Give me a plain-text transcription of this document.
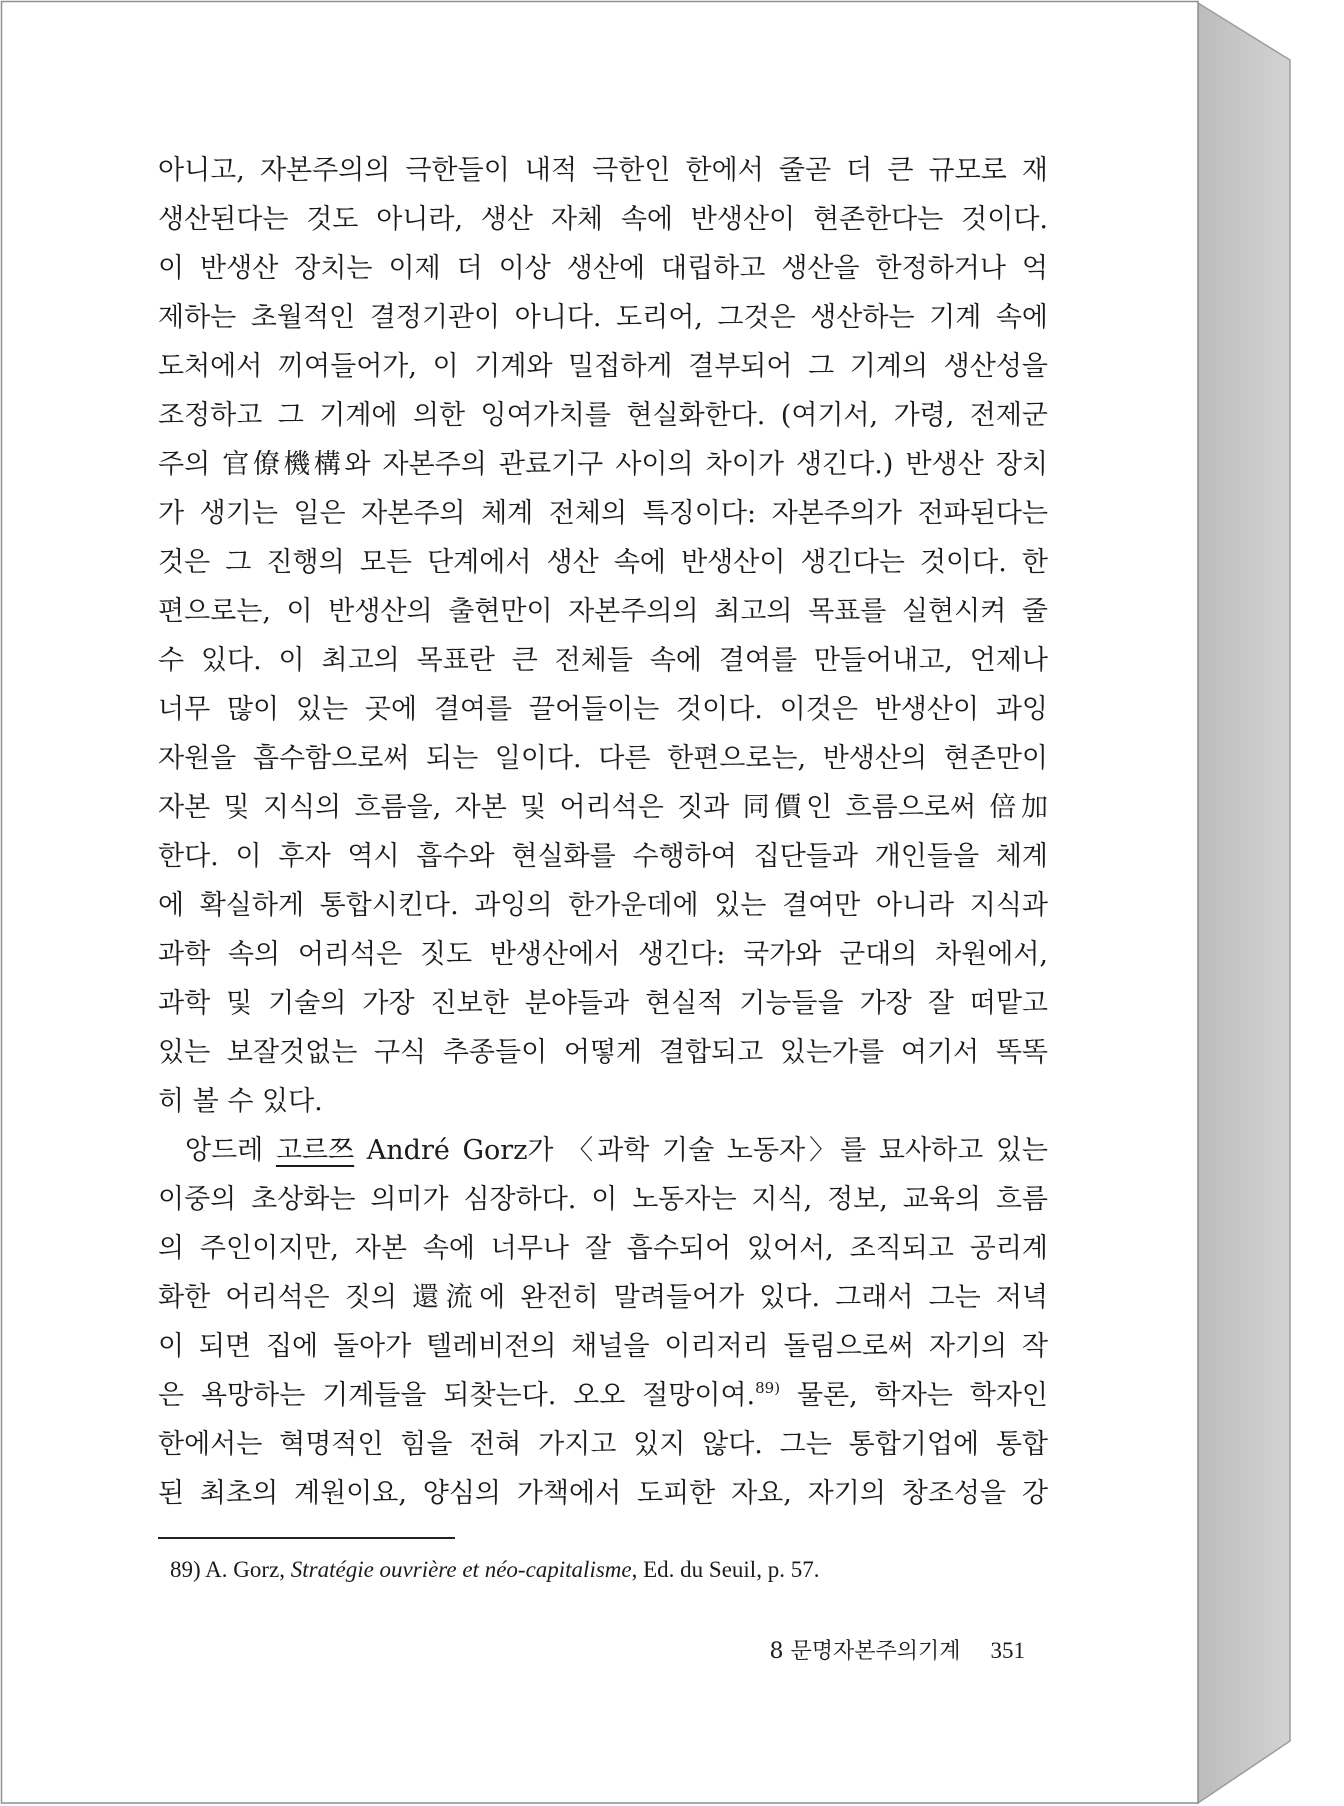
아니고, 자본주의의 극한들이 내적 극한인 한에서 줄곧 더 큰 규모로 재
생산된다는 것도 아니라, 생산 자체 속에 반생산이 현존한다는 것이다.
이 반생산 장치는 이제 더 이상 생산에 대립하고 생산을 한정하거나 억
제하는 초월적인 결정기관이 아니다. 도리어, 그것은 생산하는 기계 속에
도처에서 끼여들어가, 이 기계와 밀접하게 결부되어 그 기계의 생산성을
조정하고 그 기계에 의한 잉여가치를 현실화한다. (여기서, 가령, 전제군
주의 官僚機構와 자본주의 관료기구 사이의 차이가 생긴다.) 반생산 장치
가 생기는 일은 자본주의 체계 전체의 특징이다: 자본주의가 전파된다는
것은 그 진행의 모든 단계에서 생산 속에 반생산이 생긴다는 것이다. 한
편으로는, 이 반생산의 출현만이 자본주의의 최고의 목표를 실현시켜 줄
수 있다. 이 최고의 목표란 큰 전체들 속에 결여를 만들어내고, 언제나
너무 많이 있는 곳에 결여를 끌어들이는 것이다. 이것은 반생산이 과잉
자원을 흡수함으로써 되는 일이다. 다른 한편으로는, 반생산의 현존만이
자본 및 지식의 흐름을, 자본 및 어리석은 짓과 同價인 흐름으로써 倍加
한다. 이 후자 역시 흡수와 현실화를 수행하여 집단들과 개인들을 체계
에 확실하게 통합시킨다. 과잉의 한가운데에 있는 결여만 아니라 지식과
과학 속의 어리석은 짓도 반생산에서 생긴다: 국가와 군대의 차원에서,
과학 및 기술의 가장 진보한 분야들과 현실적 기능들을 가장 잘 떠맡고
있는 보잘것없는 구식 추종들이 어떻게 결합되고 있는가를 여기서 똑똑
히 볼 수 있다.
앙드레 고르쯔 André Gorz가 〈과학 기술 노동자〉를 묘사하고 있는
이중의 초상화는 의미가 심장하다. 이 노동자는 지식, 정보, 교육의 흐름
의 주인이지만, 자본 속에 너무나 잘 흡수되어 있어서, 조직되고 공리계
화한 어리석은 짓의 還流에 완전히 말려들어가 있다. 그래서 그는 저녁
이 되면 집에 돌아가 텔레비전의 채널을 이리저리 돌림으로써 자기의 작
은 욕망하는 기계들을 되찾는다. 오오 절망이여.$^{89)}$ 물론, 학자는 학자인
한에서는 혁명적인 힘을 전혀 가지고 있지 않다. 그는 통합기업에 통합
된 최초의 계원이요, 양심의 가책에서 도피한 자요, 자기의 창조성을 강
89) A. Gorz, Stratégie ouvrière et néo-capitalisme, Ed. du Seuil, p. 57.
8 문명자본주의기계 351
